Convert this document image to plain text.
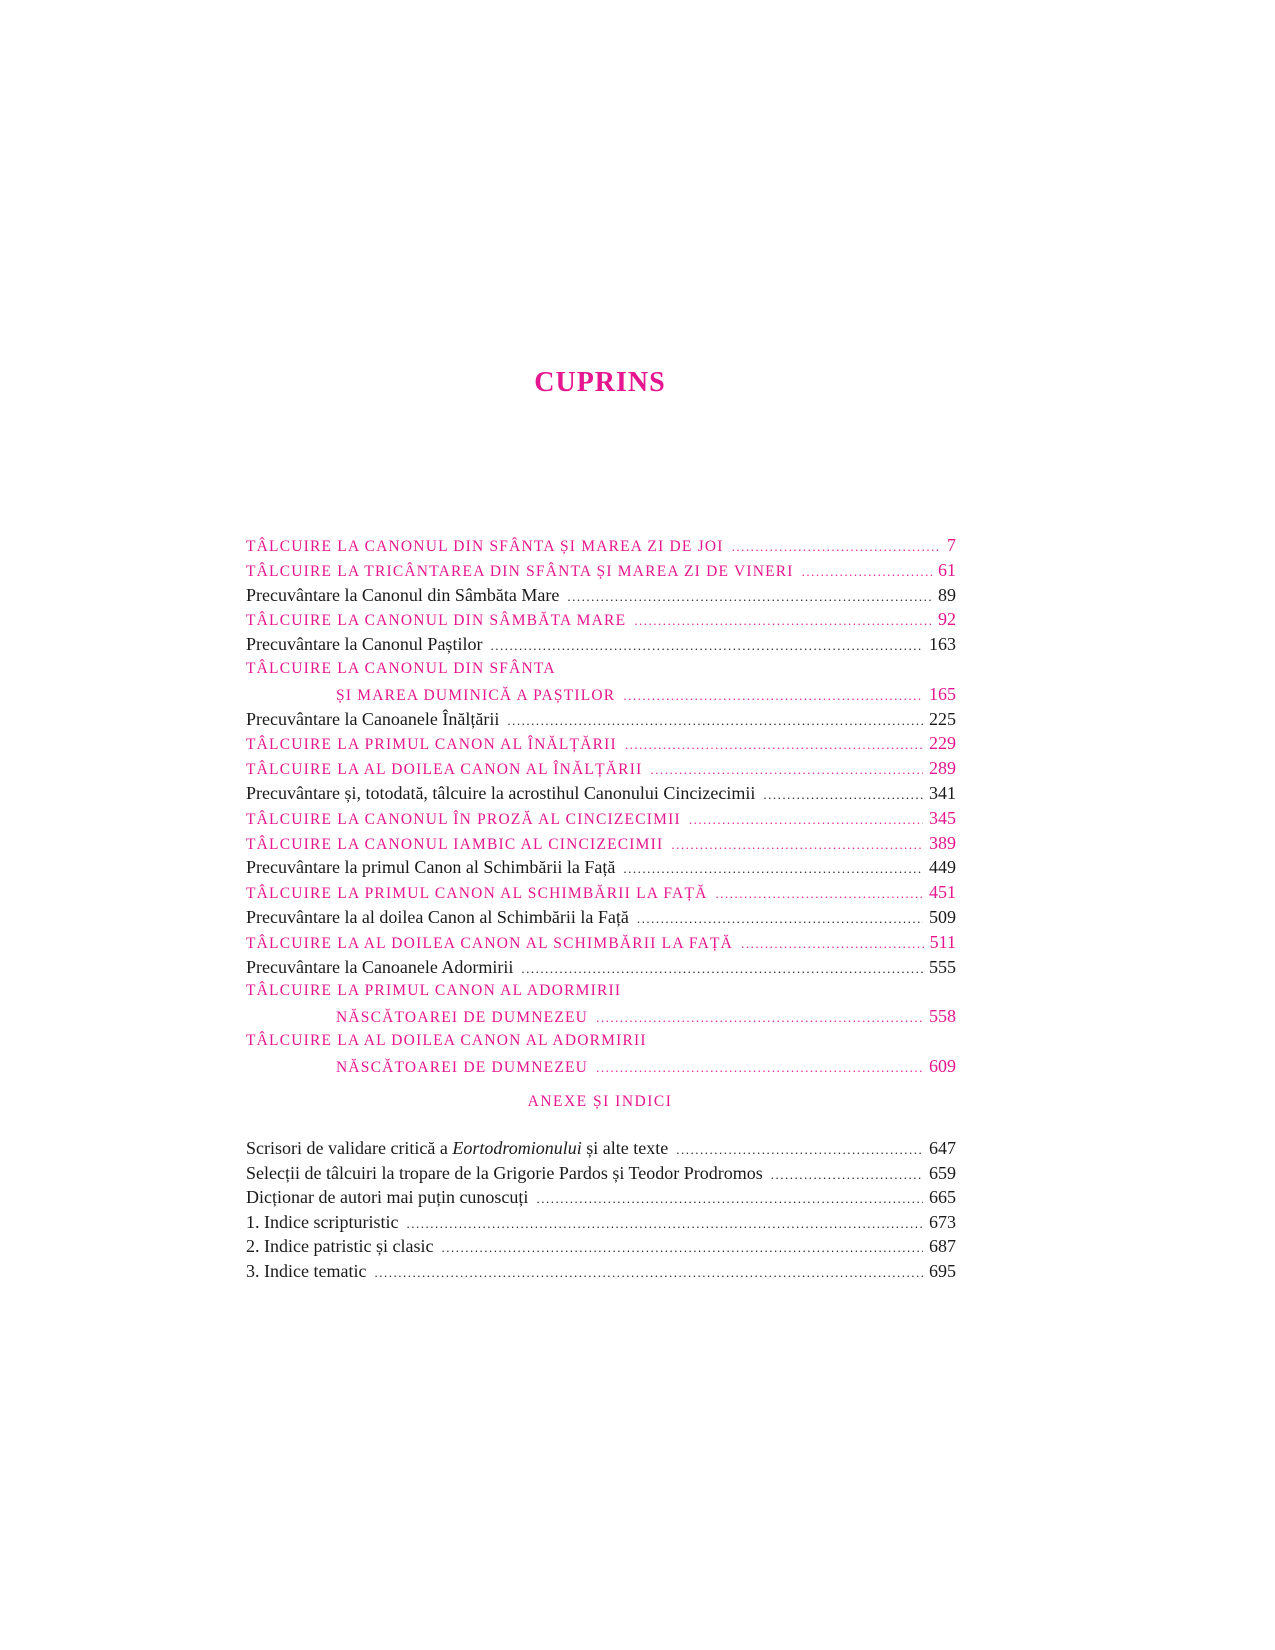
CUPRINS
TÂLCUIRE LA CANONUL DIN SFÂNTA ȘI MAREA ZI DE JOI .....	7
TÂLCUIRE LA TRICÂNTAREA DIN SFÂNTA ȘI MAREA ZI DE VINERI .....	61
Precuvântare la Canonul din Sâmbăta Mare .....	89
TÂLCUIRE LA CANONUL DIN SÂMBĂTA MARE .....	92
Precuvântare la Canonul Paștilor .....	163
TÂLCUIRE LA CANONUL DIN SFÂNTA
ȘI MAREA DUMINICĂ A PAȘTILOR .....	165
Precuvântare la Canoanele Înălțării .....	225
TÂLCUIRE LA PRIMUL CANON AL ÎNĂLȚĂRII .....	229
TÂLCUIRE LA AL DOILEA CANON AL ÎNĂLȚĂRII .....	289
Precuvântare și, totodată, tâlcuire la acrostihul Canonului Cincizecimii .....	341
TÂLCUIRE LA CANONUL ÎN PROZĂ AL CINCIZECIMII .....	345
TÂLCUIRE LA CANONUL IAMBIC AL CINCIZECIMII .....	389
Precuvântare la primul Canon al Schimbării la Față .....	449
TÂLCUIRE LA PRIMUL CANON AL SCHIMBĂRII LA FAȚĂ .....	451
Precuvântare la al doilea Canon al Schimbării la Față .....	509
TÂLCUIRE LA AL DOILEA CANON AL SCHIMBĂRII LA FAȚĂ .....	511
Precuvântare la Canoanele Adormirii .....	555
TÂLCUIRE LA PRIMUL CANON AL ADORMIRII
NĂSCĂTOAREI DE DUMNEZEU .....	558
TÂLCUIRE LA AL DOILEA CANON AL ADORMIRII
NĂSCĂTOAREI DE DUMNEZEU .....	609
ANEXE ȘI INDICI
Scrisori de validare critică a Eortodromionului și alte texte .....	647
Selecții de tâlcuiri la tropare de la Grigorie Pardos și Teodor Prodromos .....	659
Dicționar de autori mai puțin cunoscuți .....	665
1. Indice scripturistic .....	673
2. Indice patristic și clasic .....	687
3. Indice tematic .....	695
